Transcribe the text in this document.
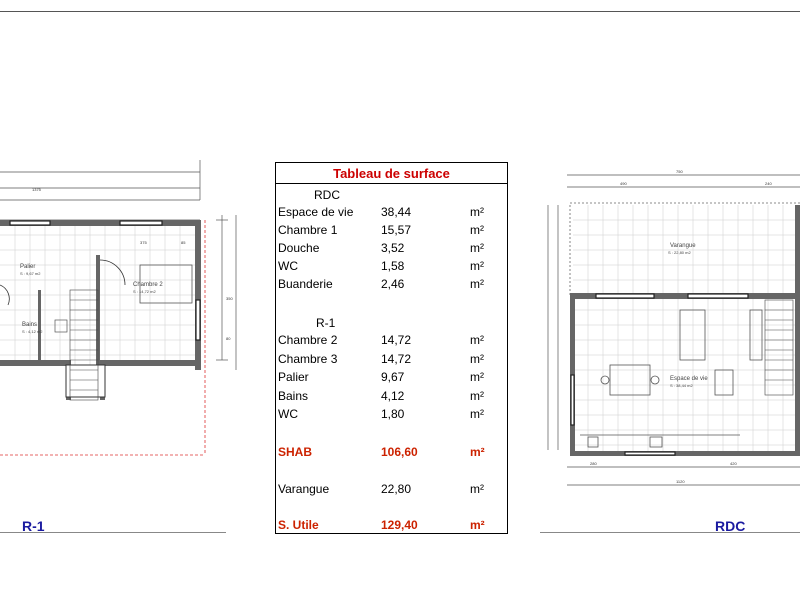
Palier
S : 9,67 m2
Chambre 2
S : 14,72 m2
Bains
S : 4,12 m2
1375
375	85
350
80
R-1
Tableau de surface
RDC
Espace de vie 38,44	m²
Chambre 1	15,57	m²
Douche	3,52	m²
WC	1,58	m²
Buanderie	2,46	m²
R-1
Chambre 2	14,72	m²
Chambre 3	14,72	m²
Palier	9,67	m²
Bains	4,12	m²
WC	1,80	m²
SHAB	106,60	m²
Varangue	22,80	m²
S. Utile	129,40	m²
Varangue
S : 22,80 m2
Espace de vie
S : 38,44 m2
750
490	240
1120
280	420
RDC
